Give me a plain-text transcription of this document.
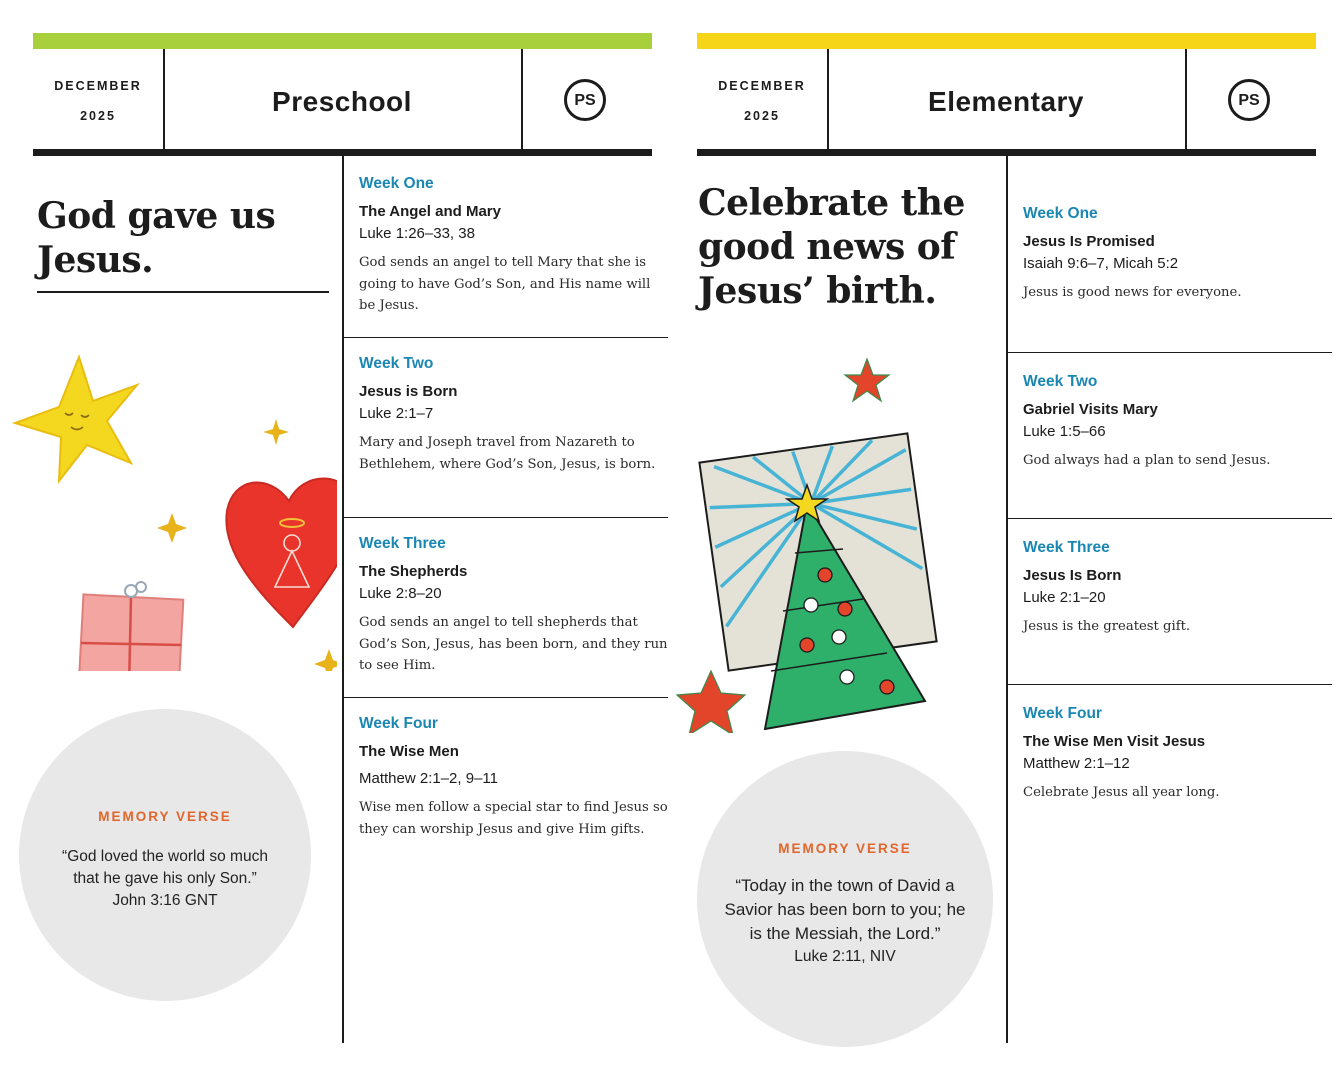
DECEMBER
2025	Preschool	PS
God gave us
Jesus.
Week One
The Angel and Mary
Luke 1:26–33, 38
God sends an angel to tell Mary that she is going to have God’s Son, and His name will be Jesus.
Week Two
Jesus is Born
Luke 2:1–7
Mary and Joseph travel from Nazareth to Bethlehem, where God’s Son, Jesus, is born.
Week Three
The Shepherds
Luke 2:8–20
God sends an angel to tell shepherds that God’s Son, Jesus, has been born, and they run to see Him.
Week Four
The Wise Men
Matthew 2:1–2, 9–11
Wise men follow a special star to find Jesus so they can worship Jesus and give Him gifts.
MEMORY VERSE
“God loved the world so much that he gave his only Son.”
John 3:16 GNT
DECEMBER
2025	Elementary	PS
Celebrate the
good news of
Jesus’ birth.
Week One
Jesus Is Promised
Isaiah 9:6–7, Micah 5:2
Jesus is good news for everyone.
Week Two
Gabriel Visits Mary
Luke 1:5–66
God always had a plan to send Jesus.
Week Three
Jesus Is Born
Luke 2:1–20
Jesus is the greatest gift.
Week Four
The Wise Men Visit Jesus
Matthew 2:1–12
Celebrate Jesus all year long.
MEMORY VERSE
“Today in the town of David a Savior has been born to you; he is the Messiah, the Lord.”
Luke 2:11, NIV
